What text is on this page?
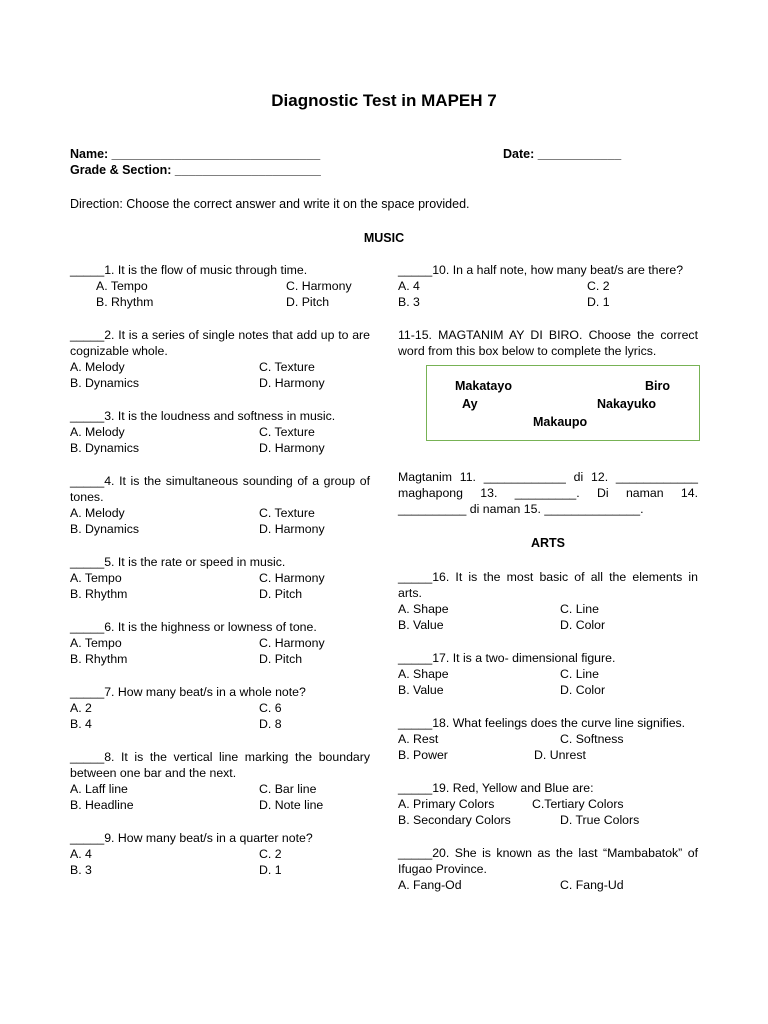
Diagnostic Test in MAPEH 7
Name: ______________________________
Grade & Section: _____________________
Date: ____________
Direction: Choose the correct answer and write it on the space provided.
MUSIC
_____1. It is the flow of music through time.
A. Tempo
B. Rhythm
C. Harmony
D. Pitch
_____2. It is a series of single notes that add up to are cognizable whole.
A. Melody
B. Dynamics
C. Texture
D. Harmony
_____3. It is the loudness and softness in music.
A. Melody
B. Dynamics
C. Texture
D. Harmony
_____4. It is the simultaneous sounding of a group of tones.
A. Melody
B. Dynamics
C. Texture
D. Harmony
_____5. It is the rate or speed in music.
A. Tempo
B. Rhythm
C. Harmony
D. Pitch
_____6. It is the highness or lowness of tone.
A. Tempo
B. Rhythm
C. Harmony
D. Pitch
_____7. How many beat/s in a whole note?
A. 2
B. 4
C. 6
D. 8
_____8. It is the vertical line marking the boundary between one bar and the next.
A. Laff line
B. Headline
C. Bar line
D. Note line
_____9. How many beat/s in a quarter note?
A. 4
B. 3
C. 2
D. 1
_____10. In a half note, how many beat/s are there?
A. 4
B. 3
C. 2
D. 1
11-15. MAGTANIM AY DI BIRO. Choose the correct word from this box below to complete the lyrics.
Makatayo	Biro
Ay	Nakayuko
Makaupo
Magtanim 11. ____________ di 12. ____________ maghapong 13. _________. Di naman 14. __________ di naman 15. ______________.
ARTS
_____16. It is the most basic of all the elements in arts.
A. Shape
B. Value
C. Line
D. Color
_____17. It is a two- dimensional figure.
A. Shape
B. Value
C. Line
D. Color
_____18. What feelings does the curve line signifies.
A. Rest
B. Power
C. Softness
D. Unrest
_____19. Red, Yellow and Blue are:
A. Primary Colors
B. Secondary Colors
C.Tertiary Colors
D. True Colors
_____20. She is known as the last “Mambabatok” of Ifugao Province.
A. Fang-Od	C. Fang-Ud
